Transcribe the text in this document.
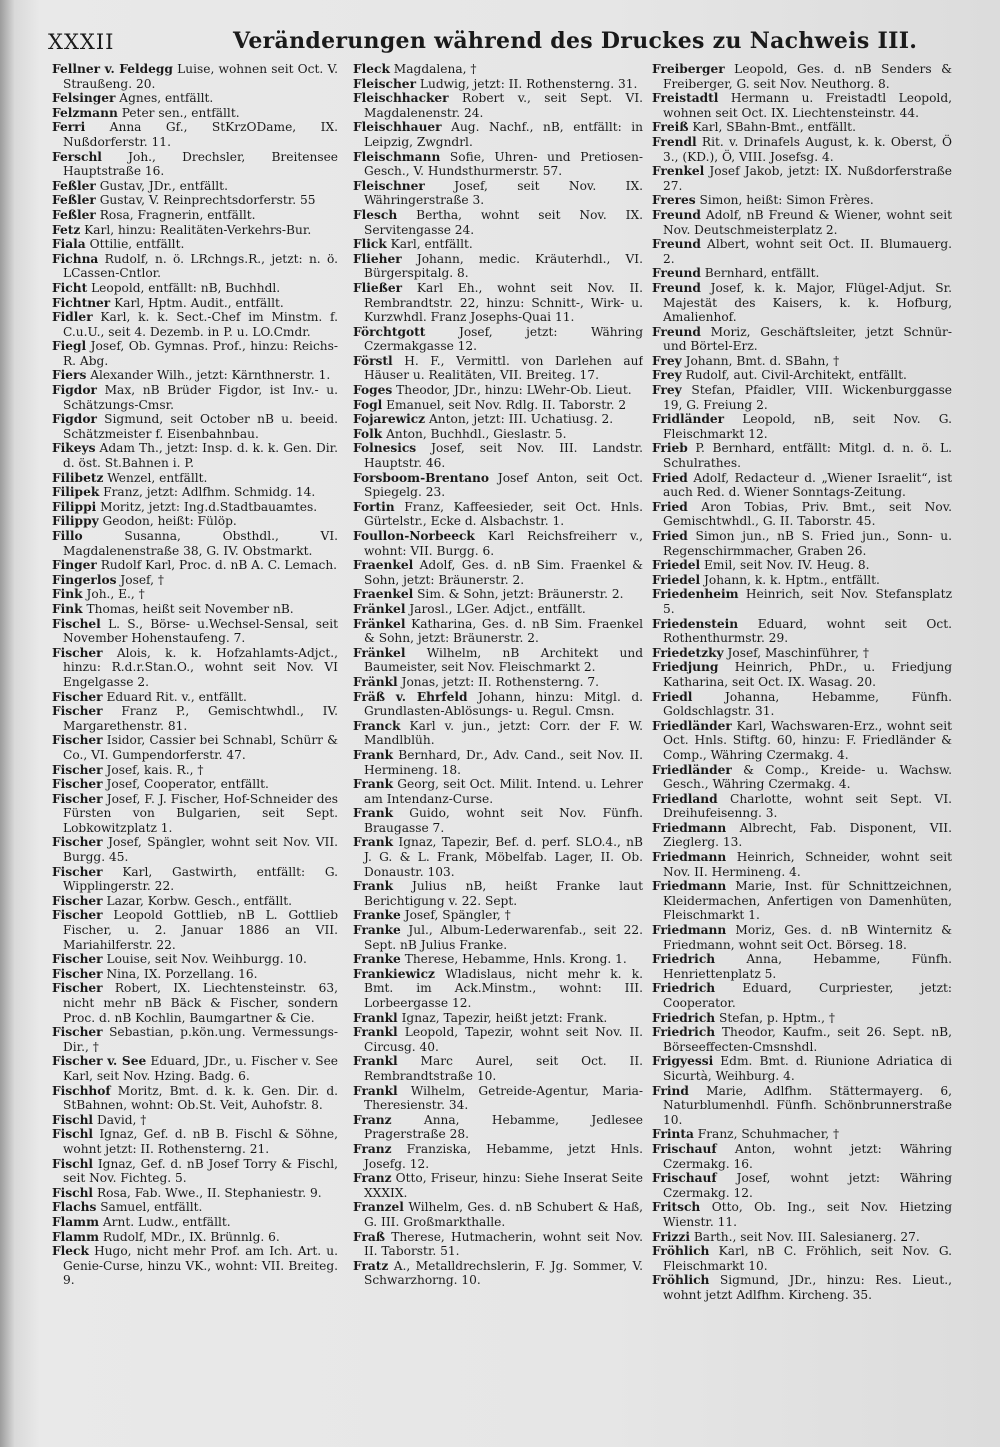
XXXII	Veränderungen während des Druckes zu Nachweis III.

Fellner v. Feldegg Luise, wohnen seit Oct. V. Straußeng. 20.

Felsinger Agnes, entfällt.

Felzmann Peter sen., entfällt.

Ferri Anna Gf., StKrzODame, IX. Nußdorferstr. 11.

Ferschl Joh., Drechsler, Breitensee Hauptstraße 16.

Feßler Gustav, JDr., entfällt.

Feßler Gustav, V. Reinprechtsdorferstr. 55

Feßler Rosa, Fragnerin, entfällt.

Fetz Karl, hinzu: Realitäten-Verkehrs-Bur.

Fiala Ottilie, entfällt.

Fichna Rudolf, n. ö. LRchngs.R., jetzt: n. ö. LCassen-Cntlor.

Ficht Leopold, entfällt: nB, Buchhdl.

Fichtner Karl, Hptm. Audit., entfällt.

Fidler Karl, k. k. Sect.-Chef im Minstm. f. C.u.U., seit 4. Dezemb. in P. u. LO.Cmdr.

Fiegl Josef, Ob. Gymnas. Prof., hinzu: Reichs-R. Abg.

Fiers Alexander Wilh., jetzt: Kärnthnerstr. 1.

Figdor Max, nB Brüder Figdor, ist Inv.- u. Schätzungs-Cmsr.

Figdor Sigmund, seit October nB u. beeid. Schätzmeister f. Eisenbahnbau.

Fikeys Adam Th., jetzt: Insp. d. k. k. Gen. Dir. d. öst. St.Bahnen i. P.

Filibetz Wenzel, entfällt.

Filipek Franz, jetzt: Adlfhm. Schmidg. 14.

Filippi Moritz, jetzt: Ing.d.Stadtbauamtes.

Filippy Geodon, heißt: Fülöp.

Fillo	Susanna, Obsthdl., VI. Magdalenenstraße 38, G. IV. Obstmarkt.

Finger Rudolf Karl, Proc. d. nB A. C. Lemach.

Fingerlos Josef, †

Fink Joh., E., †

Fink Thomas, heißt seit November nB.

Fischel L. S., Börse- u.Wechsel-Sensal, seit November Hohenstaufeng. 7.

Fischer Alois, k. k. Hofzahlamts-Adjct., hinzu: R.d.r.Stan.O., wohnt seit Nov. VI Engelgasse 2.

Fischer Eduard Rit. v., entfällt.

Fischer Franz P., Gemischtwhdl., IV. Margarethenstr. 81.

Fischer Isidor, Cassier bei Schnabl, Schürr & Co., VI. Gumpendorferstr. 47.

Fischer Josef, kais. R., †

Fischer Josef, Cooperator, entfällt.

Fischer Josef, F. J. Fischer, Hof-Schneider des Fürsten von Bulgarien, seit Sept. Lobkowitzplatz 1.

Fischer Josef, Spängler, wohnt seit Nov. VII. Burgg. 45.

Fischer Karl, Gastwirth, entfällt: G. Wipplingerstr. 22.

Fischer Lazar, Korbw. Gesch., entfällt.

Fischer Leopold Gottlieb, nB L. Gottlieb Fischer, u. 2. Januar 1886 an VII. Mariahilferstr. 22.

Fischer Louise, seit Nov. Weihburgg. 10.

Fischer Nina, IX. Porzellang. 16.

Fischer Robert, IX. Liechtensteinstr. 63, nicht mehr nB Bäck & Fischer, sondern Proc. d. nB Kochlin, Baumgartner & Cie.

Fischer Sebastian, p.kön.ung. Vermessungs-Dir., †

Fischer v. See Eduard, JDr., u. Fischer v. See Karl, seit Nov. Hzing. Badg. 6.

Fischhof Moritz, Bmt. d. k. k. Gen. Dir. d. StBahnen, wohnt: Ob.St. Veit, Auhofstr. 8.

Fischl David, †

Fischl Ignaz, Gef. d. nB B. Fischl & Söhne, wohnt jetzt: II. Rothensterng. 21.

Fischl Ignaz, Gef. d. nB Josef Torry & Fischl, seit Nov. Fichteg. 5.

Fischl Rosa, Fab. Wwe., II. Stephaniestr. 9.

Flachs Samuel, entfällt.

Flamm Arnt. Ludw., entfällt.

Flamm Rudolf, MDr., IX. Brünnlg. 6.

Fleck Hugo, nicht mehr Prof. am Ich. Art. u. Genie-Curse, hinzu VK., wohnt: VII. Breiteg. 9.

Fleck Magdalena, †

Fleischer Ludwig, jetzt: II. Rothensterng. 31.

Fleischhacker Robert v., seit Sept. VI. Magdalenenstr. 24.

Fleischhauer Aug. Nachf., nB, entfällt: in Leipzig, Zwgndrl.

Fleischmann Sofie, Uhren- und Pretiosen-Gesch., V. Hundsthurmerstr. 57.

Fleischner Josef, seit Nov. IX. Währingerstraße 3.

Flesch Bertha, wohnt seit Nov. IX. Servitengasse 24.

Flick Karl, entfällt.

Flieher Johann, medic. Kräuterhdl., VI. Bürgerspitalg. 8.

Fließer Karl Eh., wohnt seit Nov. II. Rembrandtstr. 22, hinzu: Schnitt-, Wirk- u. Kurzwhdl. Franz Josephs-Quai 11.

Förchtgott	Josef, jetzt: Währing Czermakgasse 12.

Förstl H. F., Vermittl. von Darlehen auf Häuser u. Realitäten, VII. Breiteg. 17.

Foges Theodor, JDr., hinzu: LWehr-Ob. Lieut.

Fogl Emanuel, seit Nov. Rdlg. II. Taborstr. 2

Fojarewicz Anton, jetzt: III. Uchatiusg. 2.

Folk Anton, Buchhdl., Gieslastr. 5.

Folnesics Josef, seit Nov. III. Landstr. Hauptstr. 46.

Forsboom-Brentano Josef Anton, seit Oct. Spiegelg. 23.

Fortin Franz, Kaffeesieder, seit Oct. Hnls. Gürtelstr., Ecke d. Alsbachstr. 1.

Foullon-Norbeeck Karl Reichsfreiherr v., wohnt: VII. Burgg. 6.

Fraenkel Adolf, Ges. d. nB Sim. Fraenkel & Sohn, jetzt: Bräunerstr. 2.

Fraenkel Sim. & Sohn, jetzt: Bräunerstr. 2.

Fränkel Jarosl., LGer. Adjct., entfällt.

Fränkel Katharina, Ges. d. nB Sim. Fraenkel & Sohn, jetzt: Bräunerstr. 2.

Fränkel Wilhelm, nB Architekt und Baumeister, seit Nov. Fleischmarkt 2.

Fränkl Jonas, jetzt: II. Rothensterng. 7.

Fräß v. Ehrfeld Johann, hinzu: Mitgl. d. Grundlasten-Ablösungs- u. Regul. Cmsn.

Franck Karl v. jun., jetzt: Corr. der F. W. Mandlblüh.

Frank Bernhard, Dr., Adv. Cand., seit Nov. II. Hermineng. 18.

Frank Georg, seit Oct. Milit. Intend. u. Lehrer am Intendanz-Curse.

Frank Guido, wohnt seit Nov. Fünfh. Braugasse 7.

Frank Ignaz, Tapezir, Bef. d. perf. SLO.4., nB J. G. & L. Frank, Möbelfab. Lager, II. Ob. Donaustr. 103.

Frank Julius nB, heißt Franke laut Berichtigung v. 22. Sept.

Franke Josef, Spängler, †

Franke Jul., Album-Lederwarenfab., seit 22. Sept. nB Julius Franke.

Franke Therese, Hebamme, Hnls. Krong. 1.

Frankiewicz Wladislaus, nicht mehr k. k. Bmt. im Ack.Minstm., wohnt: III. Lorbeergasse 12.

Frankl Ignaz, Tapezir, heißt jetzt: Frank.

Frankl Leopold, Tapezir, wohnt seit Nov. II. Circusg. 40.

Frankl Marc Aurel, seit Oct. II. Rembrandtstraße 10.

Frankl Wilhelm, Getreide-Agentur, Maria-Theresienstr. 34.

Franz	Anna, Hebamme, Jedlesee Pragerstraße 28.

Franz Franziska, Hebamme, jetzt Hnls. Josefg. 12.

Franz Otto, Friseur, hinzu: Siehe Inserat Seite XXXIX.

Franzel Wilhelm, Ges. d. nB Schubert & Haß, G. III. Großmarkthalle.

Fraß Therese, Hutmacherin, wohnt seit Nov. II. Taborstr. 51.

Fratz A., Metalldrechslerin, F. Jg. Sommer, V. Schwarzhorng. 10.

Freiberger Leopold, Ges. d. nB Senders & Freiberger, G. seit Nov. Neuthorg. 8.

Freistadtl Hermann u. Freistadtl Leopold, wohnen seit Oct. IX. Liechtensteinstr. 44.

Freiß Karl, SBahn-Bmt., entfällt.

Frendl Rit. v. Drinafels August, k. k. Oberst, Ö 3., (KD.), Ö, VIII. Josefsg. 4.

Frenkel Josef Jakob, jetzt: IX. Nußdorferstraße 27.

Freres Simon, heißt: Simon Frères.

Freund Adolf, nB Freund & Wiener, wohnt seit Nov. Deutschmeisterplatz 2.

Freund Albert, wohnt seit Oct. II. Blumauerg. 2.

Freund Bernhard, entfällt.

Freund Josef, k. k. Major, Flügel-Adjut. Sr. Majestät des Kaisers, k. k. Hofburg, Amalienhof.

Freund Moriz, Geschäftsleiter, jetzt Schnür- und Börtel-Erz.

Frey Johann, Bmt. d. SBahn, †

Frey Rudolf, aut. Civil-Architekt, entfällt.

Frey Stefan, Pfaidler, VIII. Wickenburggasse 19, G. Freiung 2.

Fridländer Leopold, nB, seit Nov. G. Fleischmarkt 12.

Frieb P. Bernhard, entfällt: Mitgl. d. n. ö. L. Schulrathes.

Fried Adolf, Redacteur d. „Wiener Israelit“, ist auch Red. d. Wiener Sonntags-Zeitung.

Fried Aron Tobias, Priv. Bmt., seit Nov. Gemischtwhdl., G. II. Taborstr. 45.

Fried Simon jun., nB S. Fried jun., Sonn- u. Regenschirmmacher, Graben 26.

Friedel Emil, seit Nov. IV. Heug. 8.

Friedel Johann, k. k. Hptm., entfällt.

Friedenheim Heinrich, seit Nov. Stefansplatz 5.

Friedenstein Eduard, wohnt seit Oct. Rothenthurmstr. 29.

Friedetzky Josef, Maschinführer, †

Friedjung Heinrich, PhDr., u. Friedjung Katharina, seit Oct. IX. Wasag. 20.

Friedl	Johanna, Hebamme, Fünfh. Goldschlagstr. 31.

Friedländer Karl, Wachswaren-Erz., wohnt seit Oct. Hnls. Stiftg. 60, hinzu: F. Friedländer & Comp., Währing Czermakg. 4.

Friedländer & Comp., Kreide- u. Wachsw. Gesch., Währing Czermakg. 4.

Friedland Charlotte, wohnt seit Sept. VI. Dreihufeisenng. 3.

Friedmann Albrecht, Fab. Disponent, VII. Zieglerg. 13.

Friedmann Heinrich, Schneider, wohnt seit Nov. II. Hermineng. 4.

Friedmann Marie, Inst. für Schnittzeichnen, Kleidermachen, Anfertigen von Damenhüten, Fleischmarkt 1.

Friedmann Moriz, Ges. d. nB Winternitz & Friedmann, wohnt seit Oct. Börseg. 18.

Friedrich	Anna, Hebamme, Fünfh. Henriettenplatz 5.

Friedrich Eduard, Curpriester, jetzt: Cooperator.

Friedrich Stefan, p. Hptm., †

Friedrich Theodor, Kaufm., seit 26. Sept. nB, Börseeffecten-Cmsnshdl.

Frigyessi Edm. Bmt. d. Riunione Adriatica di Sicurtà, Weihburg. 4.

Frind Marie, Adlfhm. Stättermayerg. 6, Naturblumenhdl. Fünfh. Schönbrunnerstraße 10.

Frinta Franz, Schuhmacher, †

Frischauf Anton, wohnt jetzt: Währing Czermakg. 16.

Frischauf Josef, wohnt jetzt: Währing Czermakg. 12.

Fritsch Otto, Ob. Ing., seit Nov. Hietzing Wienstr. 11.

Frizzi Barth., seit Nov. III. Salesianerg. 27.

Fröhlich Karl, nB C. Fröhlich, seit Nov. G. Fleischmarkt 10.

Fröhlich Sigmund, JDr., hinzu: Res. Lieut., wohnt jetzt Adlfhm. Kircheng. 35.
